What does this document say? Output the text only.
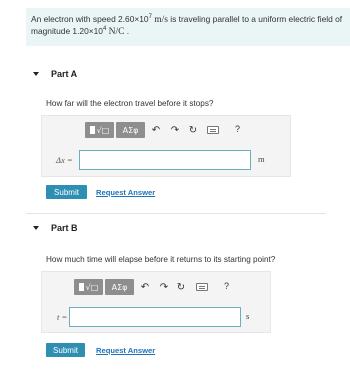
An electron with speed $2.60\times 10^7$ m/s is traveling parallel to a uniform electric field of magnitude $1.20\times 10^4$ N/C .
Part A
How far will the electron travel before it stops?
√□ ΑΣφ ↶ ↷ ↻	?
Δx =	m
Submit	Request Answer
Part B
How much time will elapse before it returns to its starting point?
√□ ΑΣφ ↶ ↷ ↻	?
t =	s
Submit	Request Answer
